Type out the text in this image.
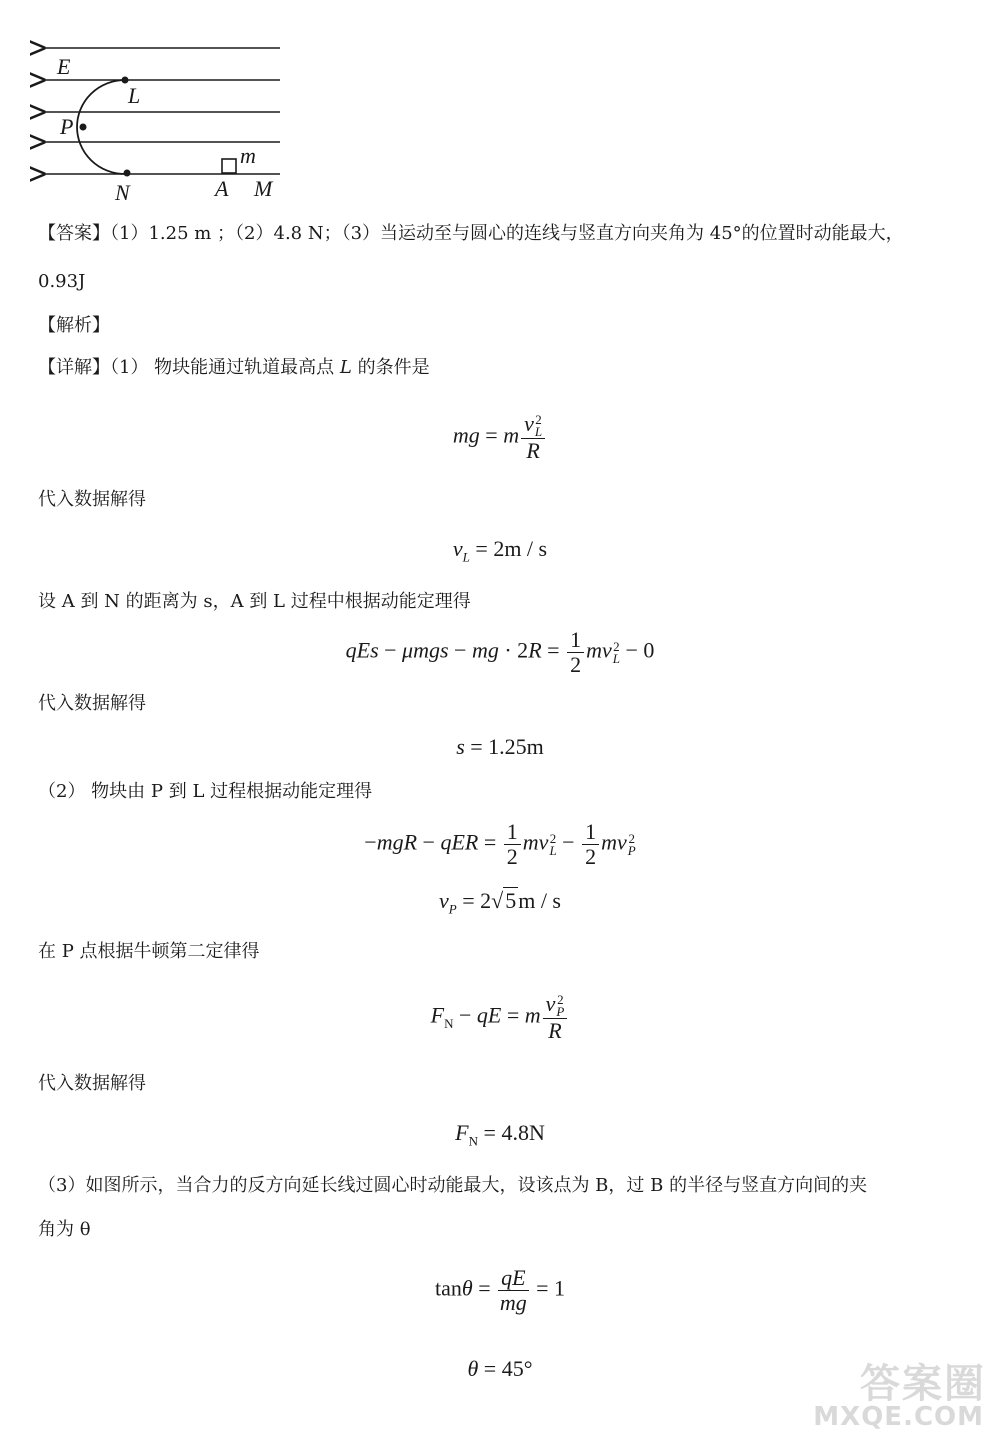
E
L
P
m
N	A M
【答案】（1）1.25 m ；（2）4.8 N；（3）当运动至与圆心的连线与竖直方向夹角为 45°的位置时动能最大，
0.93J
【解析】
【详解】（1） 物块能通过轨道最高点 L 的条件是
mg = m v 2
L
R
代入数据解得
$v_L = 2m / s$
设 A 到 N 的距离为 s，A 到 L 过程中根据动能定理得
qEs − μmgs − mg · $2R = \frac{1}{2}$ mv 2
L − 0
代入数据解得
s = 1.25m
（2） 物块由 P 到 L 过程根据动能定理得
−mgR − qER = $\frac{1}{2}$ mv 2
$L - \frac{1}{2}$ mv 2
P
$v_P = 2√5m / s$
在 P 点根据牛顿第二定律得
$F_N$ − qE = m v 2
P
R
代入数据解得
$F_N = 4.8N$
（3）如图所示，当合力的反方向延长线过圆心时动能最大，设该点为 B，过 B 的半径与竖直方向间的夹
角为 θ
$\tan\theta = \frac{qE}{mg} = 1$
θ = 45°	答案圈
MXQE.COM
